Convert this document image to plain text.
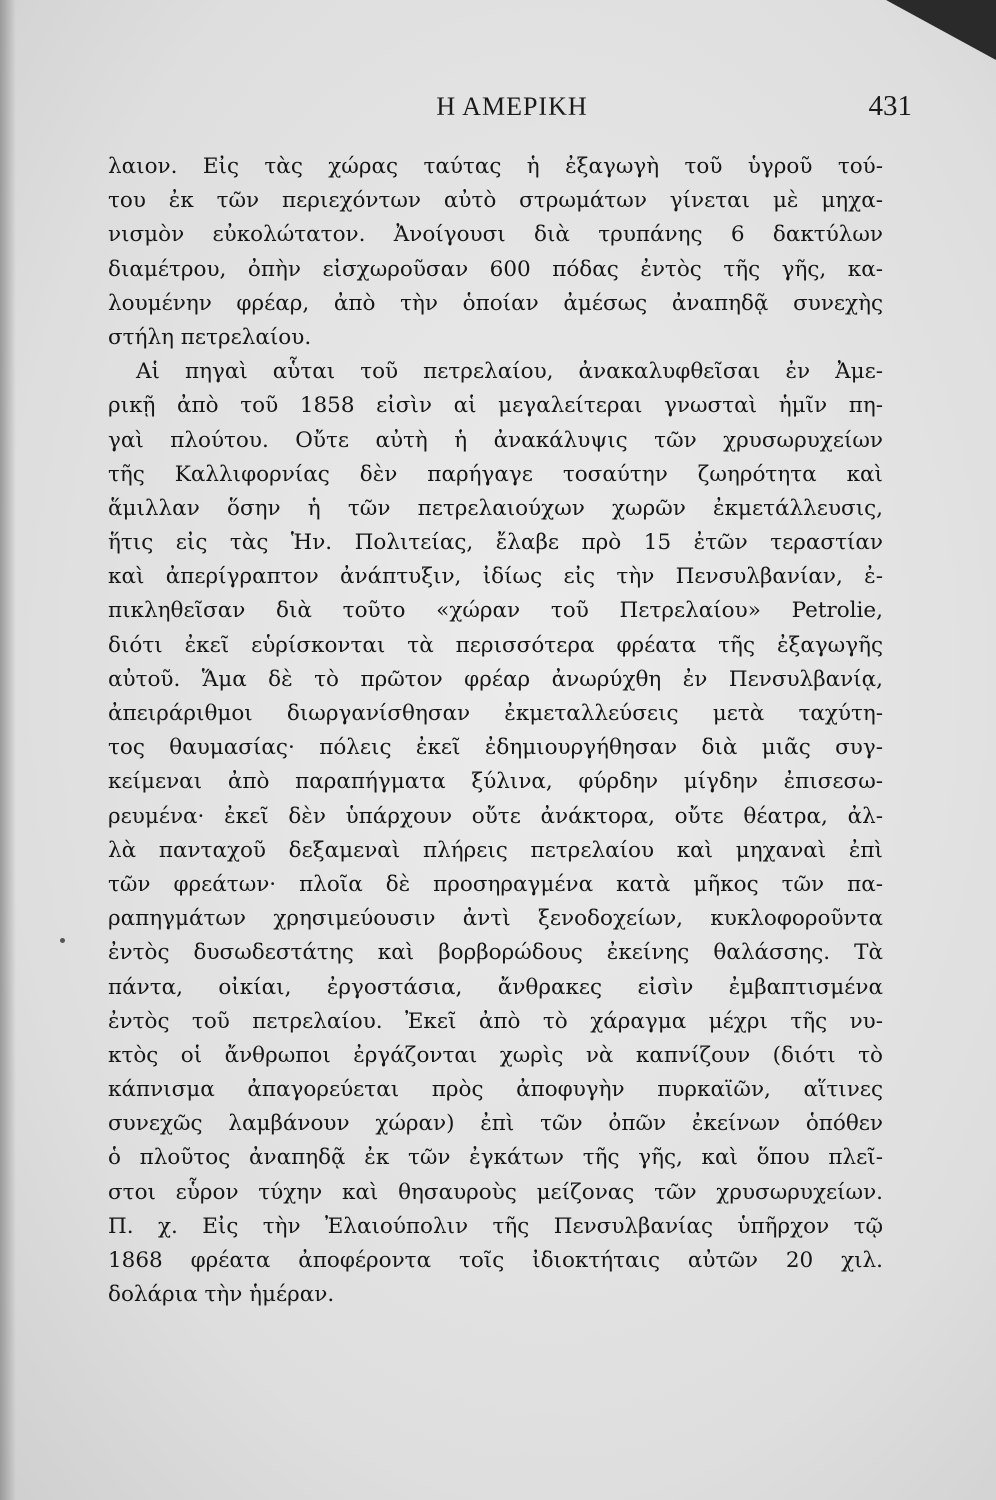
Η ΑΜΕΡΙΚΗ	431
λαιον. Εἰς τὰς χώρας ταύτας ἡ ἐξαγωγὴ τοῦ ὑγροῦ τού-
του ἐκ τῶν περιεχόντων αὐτὸ στρωμάτων γίνεται μὲ μηχα-
νισμὸν εὐκολώτατον. Ἀνοίγουσι διὰ τρυπάνης 6 δακτύλων
διαμέτρου, ὀπὴν εἰσχωροῦσαν 600 πόδας ἐντὸς τῆς γῆς, κα-
λουμένην φρέαρ, ἀπὸ τὴν ὁποίαν ἀμέσως ἀναπηδᾷ συνεχὴς
στήλη πετρελαίου.
Αἱ πηγαὶ αὗται τοῦ πετρελαίου, ἀνακαλυφθεῖσαι ἐν Ἀμε-
ρικῇ ἀπὸ τοῦ 1858 εἰσὶν αἱ μεγαλείτεραι γνωσταὶ ἡμῖν πη-
γαὶ πλούτου. Οὔτε αὐτὴ ἡ ἀνακάλυψις τῶν χρυσωρυχείων
τῆς Καλλιφορνίας δὲν παρήγαγε τοσαύτην ζωηρότητα καὶ
ἅμιλλαν ὅσην ἡ τῶν πετρελαιούχων χωρῶν ἐκμετάλλευσις,
ἥτις εἰς τὰς Ἡν. Πολιτείας, ἔλαβε πρὸ 15 ἐτῶν τεραστίαν
καὶ ἀπερίγραπτον ἀνάπτυξιν, ἰδίως εἰς τὴν Πενσυλβανίαν, ἐ-
πικληθεῖσαν διὰ τοῦτο «χώραν τοῦ Πετρελαίου» Petrolie,
διότι ἐκεῖ εὑρίσκονται τὰ περισσότερα φρέατα τῆς ἐξαγωγῆς
αὐτοῦ. Ἅμα δὲ τὸ πρῶτον φρέαρ ἀνωρύχθη ἐν Πενσυλβανίᾳ,
ἀπειράριθμοι διωργανίσθησαν ἐκμεταλλεύσεις μετὰ ταχύτη-
τος θαυμασίας· πόλεις ἐκεῖ ἐδημιουργήθησαν διὰ μιᾶς συγ-
κείμεναι ἀπὸ παραπήγματα ξύλινα, φύρδην μίγδην ἐπισεσω-
ρευμένα· ἐκεῖ δὲν ὑπάρχουν οὔτε ἀνάκτορα, οὔτε θέατρα, ἀλ-
λὰ πανταχοῦ δεξαμεναὶ πλήρεις πετρελαίου καὶ μηχαναὶ ἐπὶ
τῶν φρεάτων· πλοῖα δὲ προσηραγμένα κατὰ μῆκος τῶν πα-
ραπηγμάτων χρησιμεύουσιν ἀντὶ ξενοδοχείων, κυκλοφοροῦντα
ἐντὸς δυσωδεστάτης καὶ βορβορώδους ἐκείνης θαλάσσης. Τὰ
πάντα, οἰκίαι, ἐργοστάσια, ἄνθρακες εἰσὶν ἐμβαπτισμένα
ἐντὸς τοῦ πετρελαίου. Ἐκεῖ ἀπὸ τὸ χάραγμα μέχρι τῆς νυ-
κτὸς οἱ ἄνθρωποι ἐργάζονται χωρὶς νὰ καπνίζουν (διότι τὸ
κάπνισμα ἀπαγορεύεται πρὸς ἀποφυγὴν πυρκαϊῶν, αἵτινες
συνεχῶς λαμβάνουν χώραν) ἐπὶ τῶν ὀπῶν ἐκείνων ὁπόθεν
ὁ πλοῦτος ἀναπηδᾷ ἐκ τῶν ἐγκάτων τῆς γῆς, καὶ ὅπου πλεῖ-
στοι εὗρον τύχην καὶ θησαυροὺς μείζονας τῶν χρυσωρυχείων.
Π. χ. Εἰς τὴν Ἐλαιούπολιν τῆς Πενσυλβανίας ὑπῆρχον τῷ
1868 φρέατα ἀποφέροντα τοῖς ἰδιοκτήταις αὐτῶν 20 χιλ.
δολάρια τὴν ἡμέραν.
